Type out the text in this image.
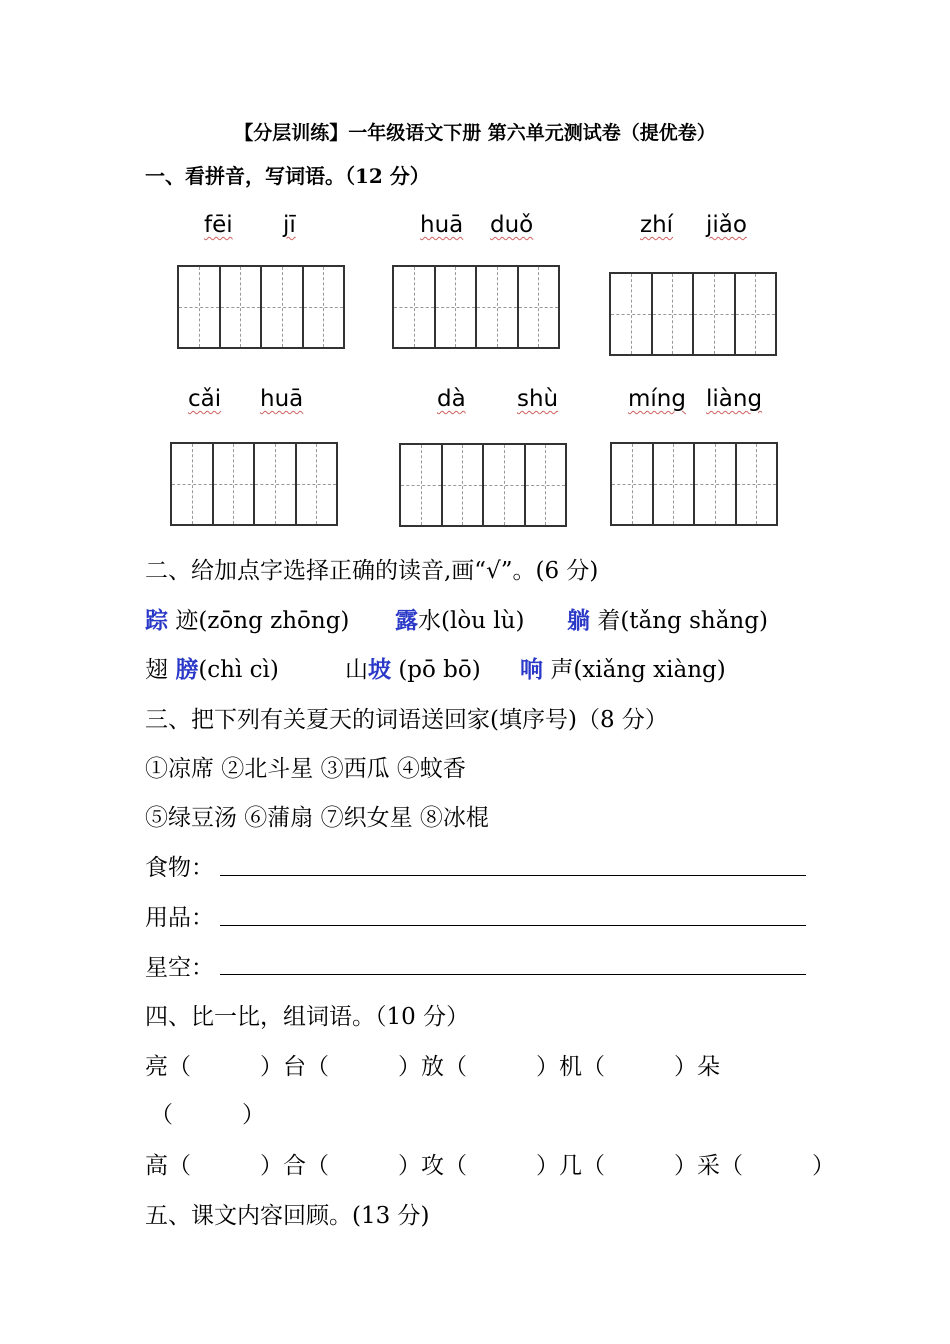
【分层训练】一年级语文下册 第六单元测试卷（提优卷）
一、看拼音，写词语。（12 分）
fēi jī	huā duǒ	zhí jiǎo
cǎi huā	dà shù	míng liàng
二、给加点字选择正确的读音,画“√”。(6 分)
踪 迹(zōng zhōng) 露水(lòu lù) 躺 着(tǎng shǎng)
翅 膀(chì cì)	山坡 (pō bō) 响 声(xiǎng xiàng)
三、把下列有关夏天的词语送回家(填序号)（8 分）
①凉席 ②北斗星 ③西瓜 ④蚊香
⑤绿豆汤 ⑥蒲扇 ⑦织女星 ⑧冰棍
食物：
用品：
星空：
四、比一比，组词语。（10 分）
亮（　　　）台（　　　）放（　　　）机（　　　）朵
（　　　）
高（　　　）合（　　　）攻（　　　）几（　　　）采（　　　）
五、课文内容回顾。(13 分)
